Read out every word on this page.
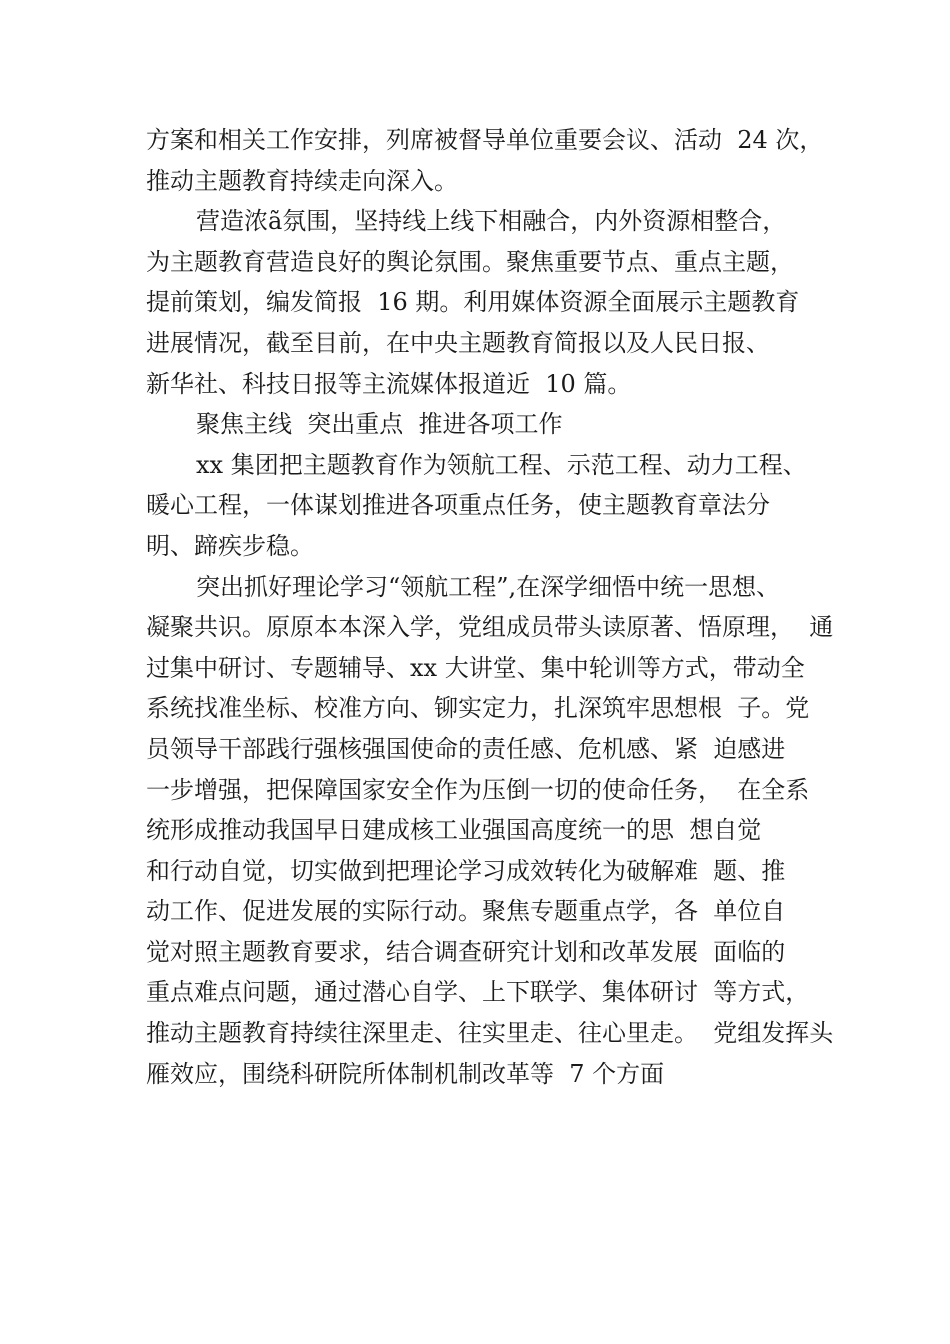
方案和相关工作安排，列席被督导单位重要会议、活动  24 次，
推动主题教育持续走向深入。
营造浓ã氛围，坚持线上线下相融合，内外资源相整合，
为主题教育营造良好的舆论氛围。聚焦重要节点、重点主题，
提前策划，编发简报  16 期。利用媒体资源全面展示主题教育
进展情况，截至目前，在中央主题教育简报以及人民日报、
新华社、科技日报等主流媒体报道近  10 篇。
聚焦主线  突出重点  推进各项工作
xx 集团把主题教育作为领航工程、示范工程、动力工程、
暖心工程，一体谋划推进各项重点任务，使主题教育章法分
明、蹄疾步稳。
突出抓好理论学习“领航工程”,在深学细悟中统一思想、
凝聚共识。原原本本深入学，党组成员带头读原著、悟原理，  通
过集中研讨、专题辅导、xx 大讲堂、集中轮训等方式，带动全
系统找准坐标、校准方向、铆实定力，扎深筑牢思想根  子。党
员领导干部践行强核强国使命的责任感、危机感、紧  迫感进
一步增强，把保障国家安全作为压倒一切的使命任务，  在全系
统形成推动我国早日建成核工业强国高度统一的思  想自觉
和行动自觉，切实做到把理论学习成效转化为破解难  题、推
动工作、促进发展的实际行动。聚焦专题重点学，各  单位自
觉对照主题教育要求，结合调查研究计划和改革发展  面临的
重点难点问题，通过潜心自学、上下联学、集体研讨  等方式，
推动主题教育持续往深里走、往实里走、往心里走。  党组发挥头
雁效应，围绕科研院所体制机制改革等  7 个方面
